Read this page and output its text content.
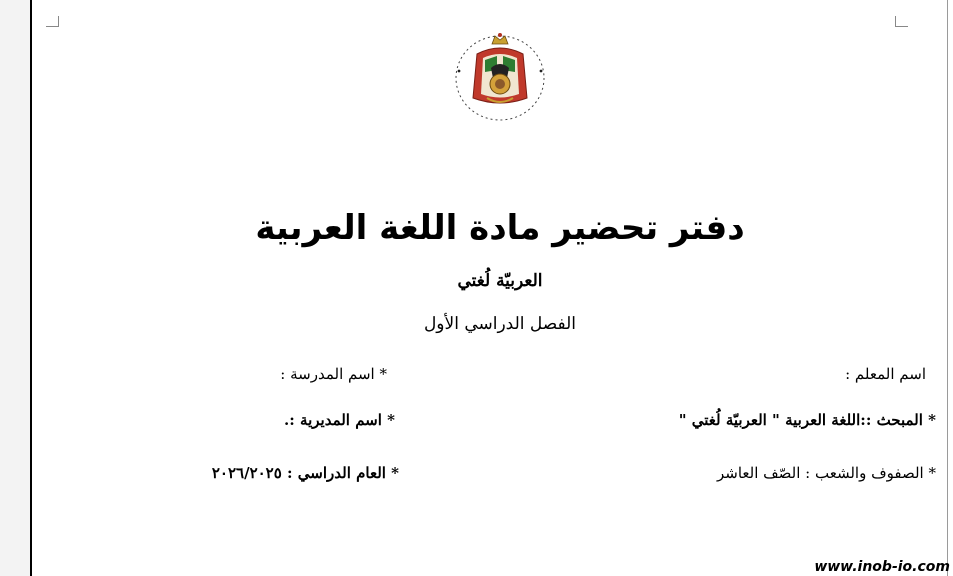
دفتر تحضير مادة اللغة العربية
العربيّة لُغتي
الفصل الدراسي الأول
اسم المعلم :
* اسم المدرسة :
* المبحث ::اللغة العربية " العربيّة لُغتي "
* اسم المديرية :.
* الصفوف والشعب : الصّف العاشر
* العام الدراسي : ٢٠٢٦/٢٠٢٥
www.inob-io.com
